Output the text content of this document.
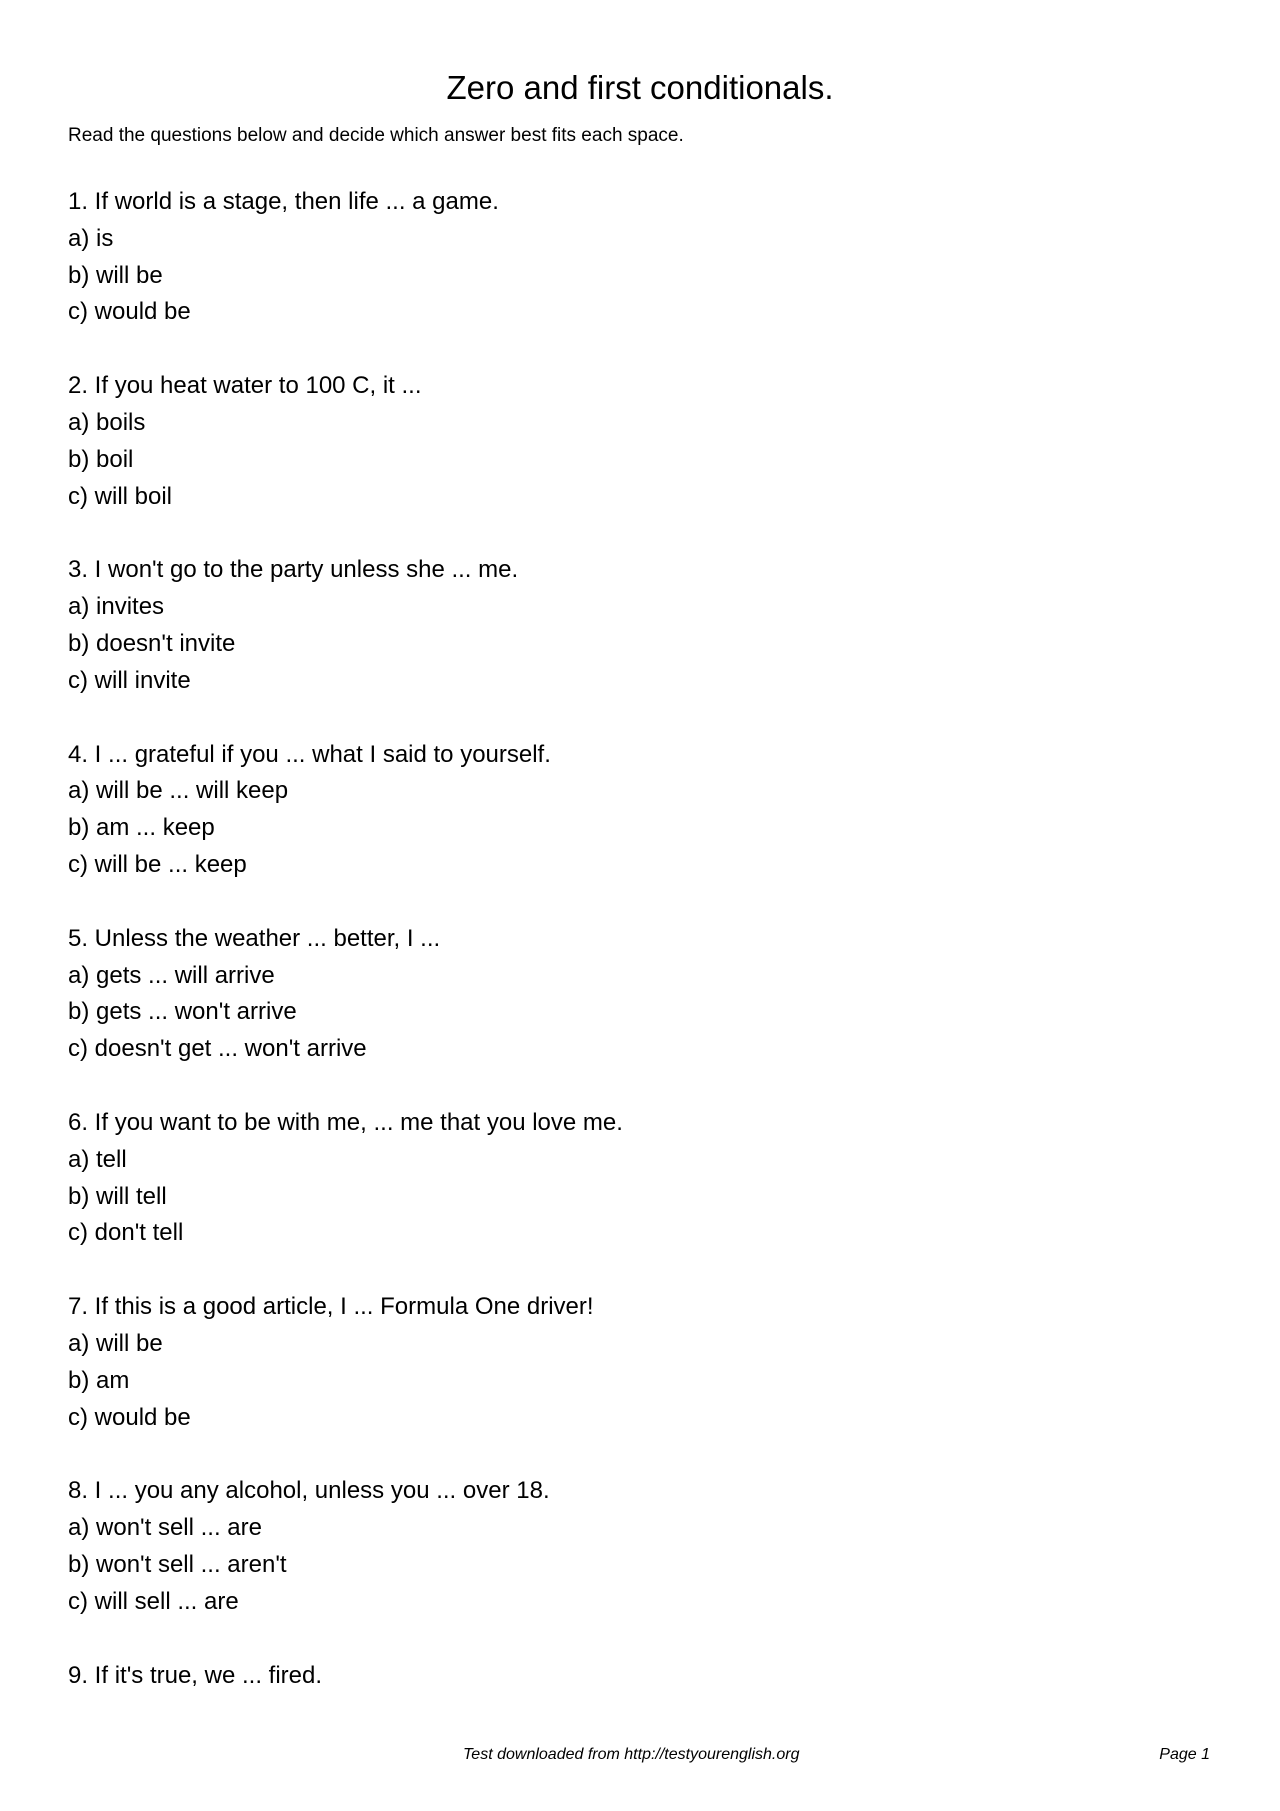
Zero and first conditionals.

Read the questions below and decide which answer best fits each space.

1. If world is a stage, then life ... a game.
a) is
b) will be
c) would be
2. If you heat water to 100 C, it ...
a) boils
b) boil
c) will boil
3. I won't go to the party unless she ... me.
a) invites
b) doesn't invite
c) will invite
4. I ... grateful if you ... what I said to yourself.
a) will be ... will keep
b) am ... keep
c) will be ... keep
5. Unless the weather ... better, I ...
a) gets ... will arrive
b) gets ... won't arrive
c) doesn't get ... won't arrive
6. If you want to be with me, ... me that you love me.
a) tell
b) will tell
c) don't tell
7. If this is a good article, I ... Formula One driver!
a) will be
b) am
c) would be
8. I ... you any alcohol, unless you ... over 18.
a) won't sell ... are
b) won't sell ... aren't
c) will sell ... are
9. If it's true, we ... fired.
Test downloaded from http://testyourenglish.org	Page 1
